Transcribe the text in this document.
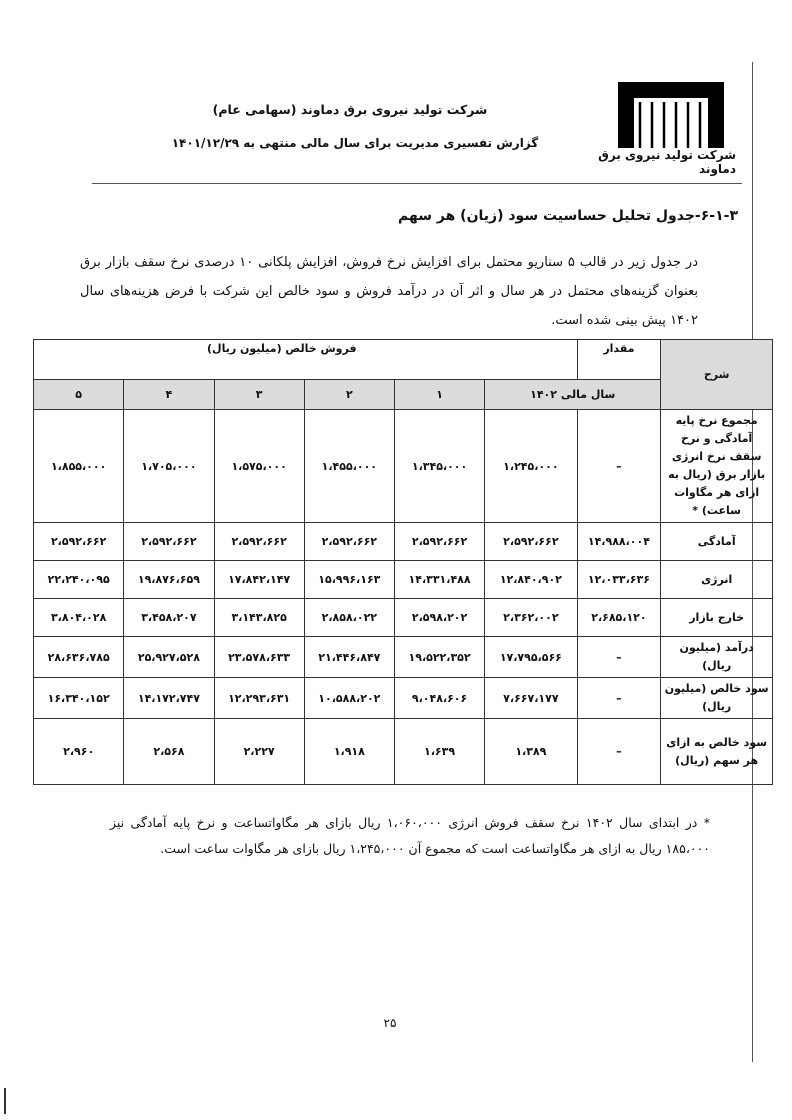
شرکت تولید نیروی برق دماوند
شرکت تولید نیروی برق دماوند (سهامی عام)
گزارش تفسیری مدیریت برای سال مالی منتهی به ۱۴۰۱/۱۲/۲۹
۶-۱-۳-جدول تحلیل حساسیت سود (زیان) هر سهم
در جدول زیر در قالب ۵ سناریو محتمل برای افزایش نرخ فروش، افزایش پلکانی ۱۰ درصدی نرخ سقف بازار برق بعنوان گزینه‌های محتمل در هر سال و اثر آن در درآمد فروش و سود خالص این شرکت با فرض هزینه‌های سال ۱۴۰۲ پیش بینی شده است.
شرح	مقدار	فروش خالص (میلیون ریال)					
	سال مالی ۱۴۰۲		۱	۲	۳	۴	۵
مجموع نرخ پایه آمادگی و نرخ سقف نرخ انرژی بازار برق (ریال به ازای هر مگاوات ساعت) *	–	۱،۲۴۵،۰۰۰	۱،۳۴۵،۰۰۰	۱،۴۵۵،۰۰۰	۱،۵۷۵،۰۰۰	۱،۷۰۵،۰۰۰	۱،۸۵۵،۰۰۰
آمادگی	۱۴،۹۸۸،۰۰۴	۲،۵۹۲،۶۶۲	۲،۵۹۲،۶۶۲	۲،۵۹۲،۶۶۲	۲،۵۹۲،۶۶۲	۲،۵۹۲،۶۶۲	۲،۵۹۲،۶۶۲
انرژی	۱۲،۰۳۳،۶۳۶	۱۲،۸۴۰،۹۰۲	۱۴،۳۳۱،۴۸۸	۱۵،۹۹۶،۱۶۳	۱۷،۸۴۲،۱۴۷	۱۹،۸۷۶،۶۵۹	۲۲،۲۴۰،۰۹۵
خارج بازار	۲،۶۸۵،۱۲۰	۲،۳۶۲،۰۰۲	۲،۵۹۸،۲۰۲	۲،۸۵۸،۰۲۲	۳،۱۴۳،۸۲۵	۳،۴۵۸،۲۰۷	۳،۸۰۴،۰۲۸
درآمد (میلیون ریال)	–	۱۷،۷۹۵،۵۶۶	۱۹،۵۲۲،۳۵۲	۲۱،۴۴۶،۸۴۷	۲۳،۵۷۸،۶۳۳	۲۵،۹۲۷،۵۲۸	۲۸،۶۳۶،۷۸۵
سود خالص (میلیون ریال)	–	۷،۶۶۷،۱۷۷	۹،۰۴۸،۶۰۶	۱۰،۵۸۸،۲۰۲	۱۲،۲۹۳،۶۳۱	۱۴،۱۷۲،۷۴۷	۱۶،۳۴۰،۱۵۲
سود خالص به ازای هر سهم (ریال)	–	۱،۳۸۹	۱،۶۳۹	۱،۹۱۸	۲،۲۲۷	۲،۵۶۸	۲،۹۶۰
* در ابتدای سال ۱۴۰۲ نرخ سقف فروش انرژی ۱،۰۶۰،۰۰۰ ریال بازای هر مگاواتساعت و نرخ پایه آمادگی نیز ۱۸۵،۰۰۰ ریال به ازای هر مگاواتساعت است که مجموع آن ۱،۲۴۵،۰۰۰ ریال بازای هر مگاوات ساعت است.
۲۵
